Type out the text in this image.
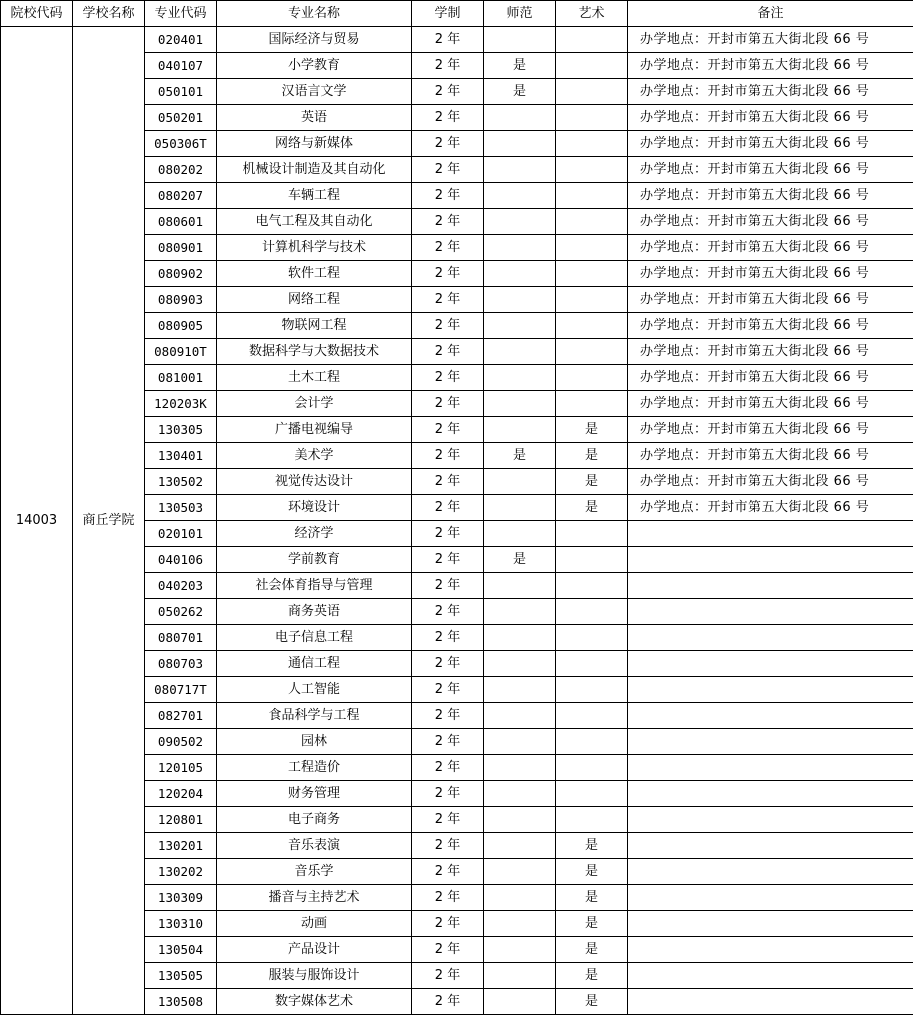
院校代码	学校名称	专业代码	专业名称	学制	师范	艺术	备注
14003	商丘学院	020401	国际经济与贸易	2 年			办学地点：开封市第五大街北段 66 号
		040107	小学教育	2 年	是		办学地点：开封市第五大街北段 66 号
		050101	汉语言文学	2 年	是		办学地点：开封市第五大街北段 66 号
		050201	英语	2 年			办学地点：开封市第五大街北段 66 号
		050306T	网络与新媒体	2 年			办学地点：开封市第五大街北段 66 号
		080202	机械设计制造及其自动化	2 年			办学地点：开封市第五大街北段 66 号
		080207	车辆工程	2 年			办学地点：开封市第五大街北段 66 号
		080601	电气工程及其自动化	2 年			办学地点：开封市第五大街北段 66 号
		080901	计算机科学与技术	2 年			办学地点：开封市第五大街北段 66 号
		080902	软件工程	2 年			办学地点：开封市第五大街北段 66 号
		080903	网络工程	2 年			办学地点：开封市第五大街北段 66 号
		080905	物联网工程	2 年			办学地点：开封市第五大街北段 66 号
		080910T	数据科学与大数据技术	2 年			办学地点：开封市第五大街北段 66 号
		081001	土木工程	2 年			办学地点：开封市第五大街北段 66 号
		120203K	会计学	2 年			办学地点：开封市第五大街北段 66 号
		130305	广播电视编导	2 年		是	办学地点：开封市第五大街北段 66 号
		130401	美术学	2 年	是	是	办学地点：开封市第五大街北段 66 号
		130502	视觉传达设计	2 年		是	办学地点：开封市第五大街北段 66 号
		130503	环境设计	2 年		是	办学地点：开封市第五大街北段 66 号
		020101	经济学	2 年			
		040106	学前教育	2 年	是		
		040203	社会体育指导与管理	2 年			
		050262	商务英语	2 年			
		080701	电子信息工程	2 年			
		080703	通信工程	2 年			
		080717T	人工智能	2 年			
		082701	食品科学与工程	2 年			
		090502	园林	2 年			
		120105	工程造价	2 年			
		120204	财务管理	2 年			
		120801	电子商务	2 年			
		130201	音乐表演	2 年		是	
		130202	音乐学	2 年		是	
		130309	播音与主持艺术	2 年		是	
		130310	动画	2 年		是	
		130504	产品设计	2 年		是	
		130505	服装与服饰设计	2 年		是	
		130508	数字媒体艺术	2 年		是	
